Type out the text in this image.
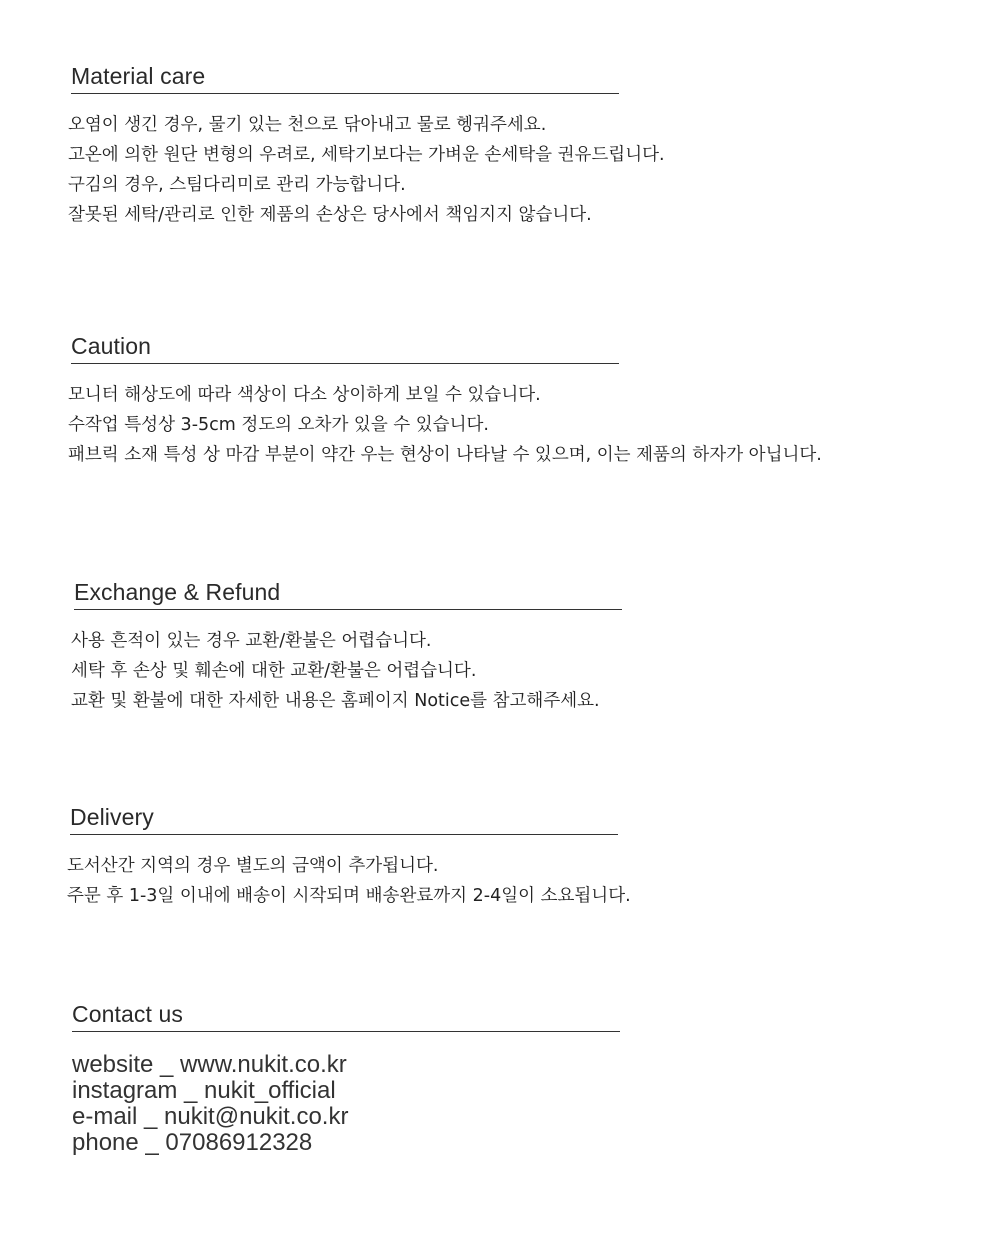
Material care
오염이 생긴 경우, 물기 있는 천으로 닦아내고 물로 헹궈주세요.
고온에 의한 원단 변형의 우려로, 세탁기보다는 가벼운 손세탁을 권유드립니다.
구김의 경우, 스팀다리미로 관리 가능합니다.
잘못된 세탁/관리로 인한 제품의 손상은 당사에서 책임지지 않습니다.
Caution
모니터 해상도에 따라 색상이 다소 상이하게 보일 수 있습니다.
수작업 특성상 3-5cm 정도의 오차가 있을 수 있습니다.
패브릭 소재 특성 상 마감 부분이 약간 우는 현상이 나타날 수 있으며, 이는 제품의 하자가 아닙니다.
Exchange & Refund
사용 흔적이 있는 경우 교환/환불은 어렵습니다.
세탁 후 손상 및 훼손에 대한 교환/환불은 어렵습니다.
교환 및 환불에 대한 자세한 내용은 홈페이지 Notice를 참고해주세요.
Delivery
도서산간 지역의 경우 별도의 금액이 추가됩니다.
주문 후 1-3일 이내에 배송이 시작되며 배송완료까지 2-4일이 소요됩니다.
Contact us
website _ www.nukit.co.kr
instagram _ nukit_official
e-mail _ nukit@nukit.co.kr
phone _ 07086912328
